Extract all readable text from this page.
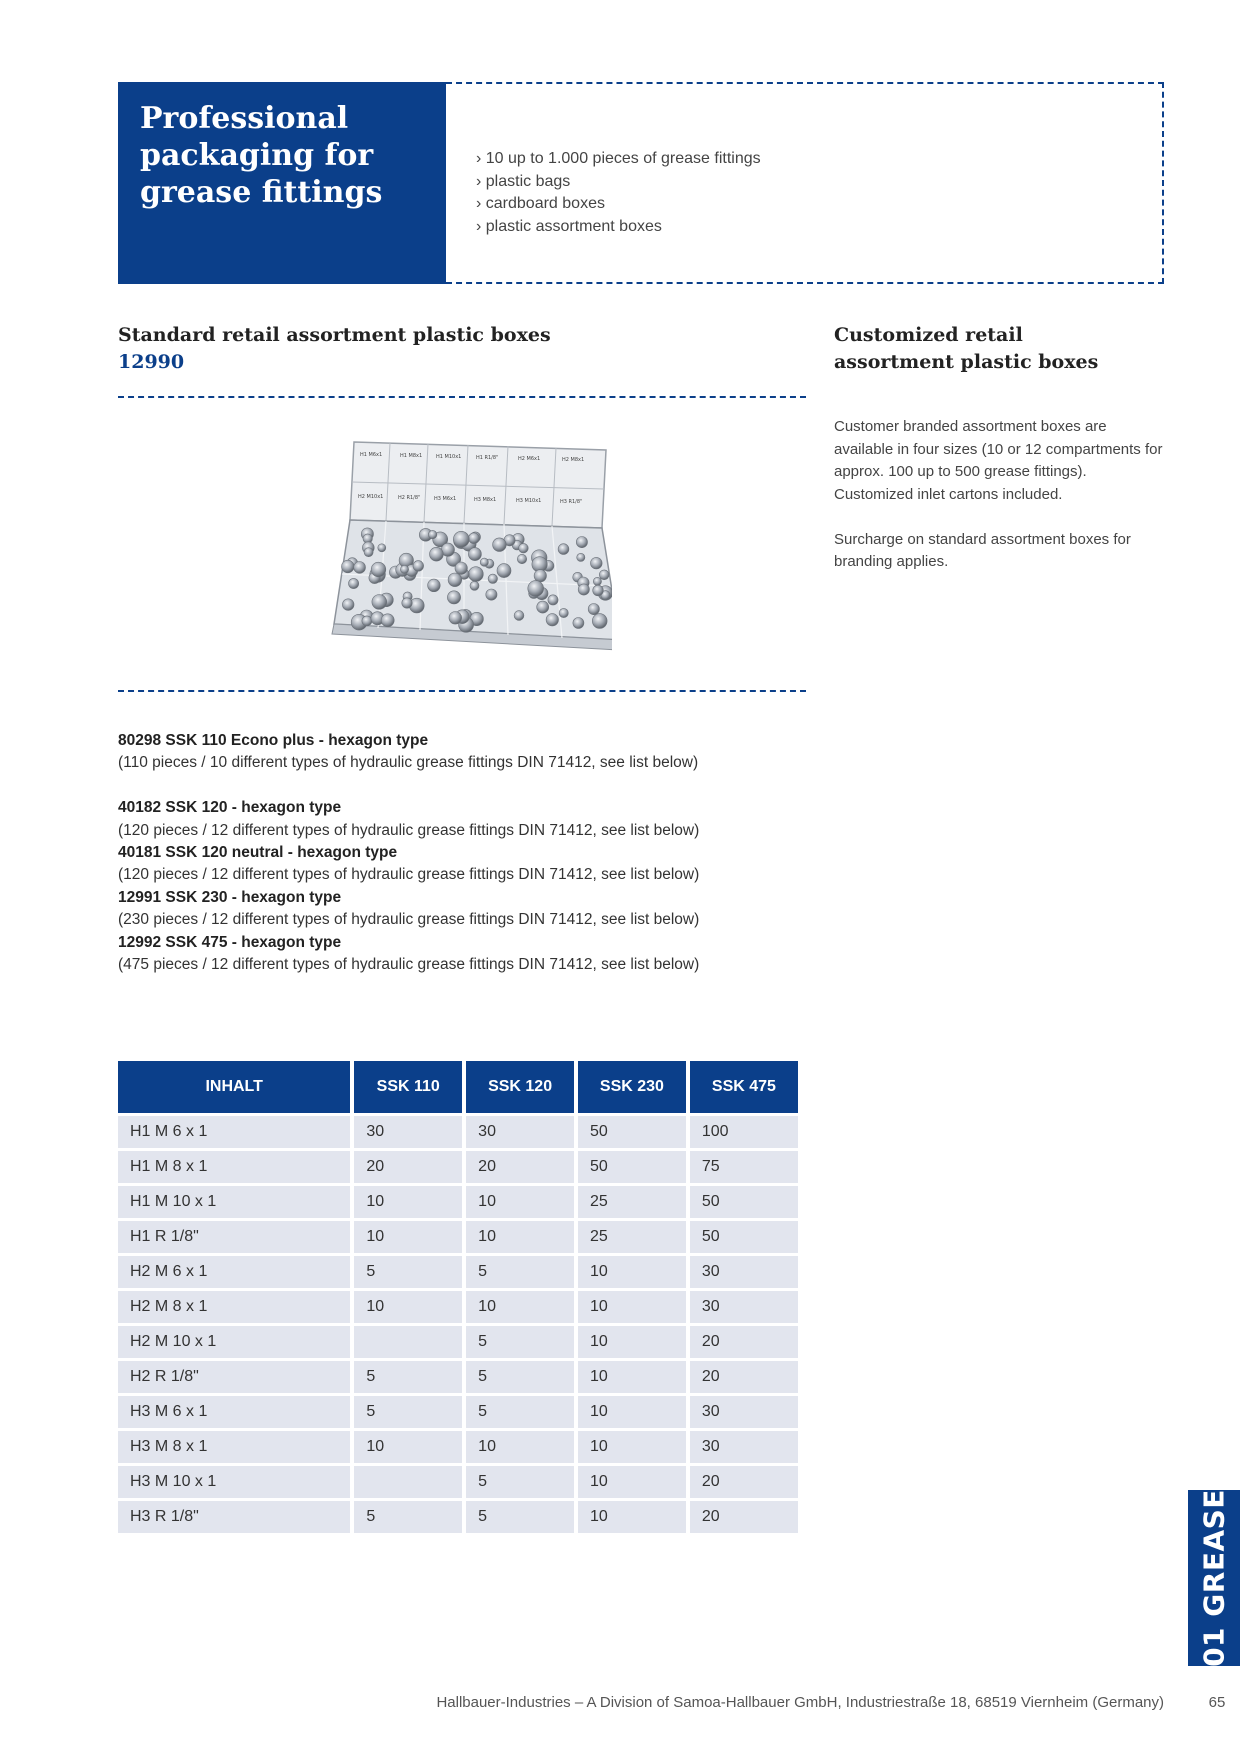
Professional
packaging for
grease fittings
› 10 up to 1.000 pieces of grease fittings
› plastic bags
› cardboard boxes
› plastic assortment boxes
Standard retail assortment plastic boxes
12990
Customized retail
assortment plastic boxes
H1 M6x1	H1 M8x1	H1 M10x1	H1 R1/8"	H2 M6x1	H2 M8x1
H2 M10x1	H2 R1/8"	H3 M6x1	H3 M8x1	H3 M10x1	H3 R1/8"

Customer branded assortment boxes are available in four sizes (10 or 12 compartments for approx. 100 up to 500 grease fittings). Customized inlet cartons included.

Surcharge on standard assortment boxes for branding applies.

80298 SSK 110 Econo plus - hexagon type
(110 pieces / 10 different types of hydraulic grease fittings DIN 71412, see list below)
40182 SSK 120 - hexagon type
(120 pieces / 12 different types of hydraulic grease fittings DIN 71412, see list below)
40181 SSK 120 neutral - hexagon type
(120 pieces / 12 different types of hydraulic grease fittings DIN 71412, see list below)
12991 SSK 230 - hexagon type
(230 pieces / 12 different types of hydraulic grease fittings DIN 71412, see list below)
12992 SSK 475 - hexagon type
(475 pieces / 12 different types of hydraulic grease fittings DIN 71412, see list below)
INHALT	SSK 110	SSK 120	SSK 230	SSK 475
H1 M 6 x 1	30	30	50	100
H1 M 8 x 1	20	20	50	75
H1 M 10 x 1	10	10	25	50
H1 R 1/8"	10	10	25	50
H2 M 6 x 1	5	5	10	30
H2 M 8 x 1	10	10	10	30
H2 M 10 x 1		5	10	20
H2 R 1/8"	5	5	10	20
H3 M 6 x 1	5	5	10	30
H3 M 8 x 1	10	10	10	30
H3 M 10 x 1		5	10	20
H3 R 1/8"	5	5	10	20	01 GREASE
Hallbauer-Industries – A Division of Samoa-Hallbauer GmbH, Industriestraße 18, 68519 Viernheim (Germany)	65
